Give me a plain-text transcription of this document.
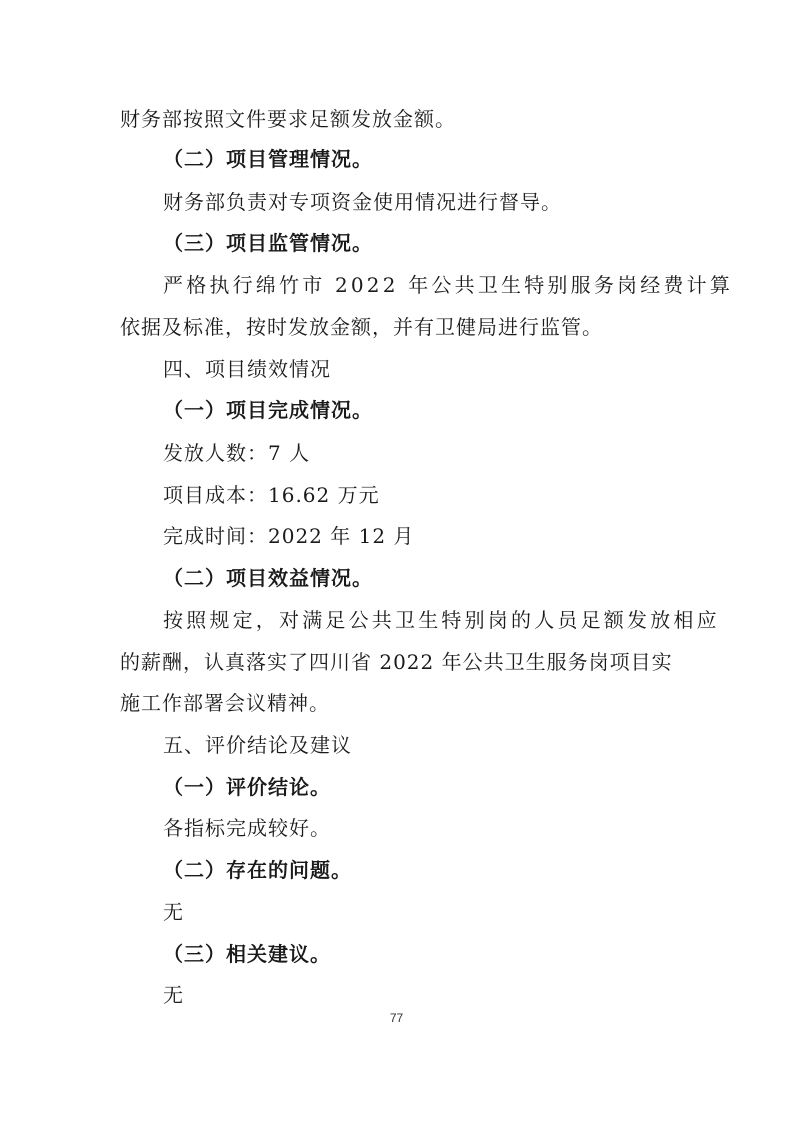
财务部按照文件要求足额发放金额。
（二）项目管理情况。
财务部负责对专项资金使用情况进行督导。
（三）项目监管情况。
严格执行绵竹市 2022 年公共卫生特别服务岗经费计算
依据及标准，按时发放金额，并有卫健局进行监管。
四、项目绩效情况
（一）项目完成情况。
发放人数：7 人
项目成本：16.62 万元
完成时间：2022 年 12 月
（二）项目效益情况。
按照规定，对满足公共卫生特别岗的人员足额发放相应
的薪酬，认真落实了四川省 2022 年公共卫生服务岗项目实
施工作部署会议精神。
五、评价结论及建议
（一）评价结论。
各指标完成较好。
（二）存在的问题。
无
（三）相关建议。
无
77
